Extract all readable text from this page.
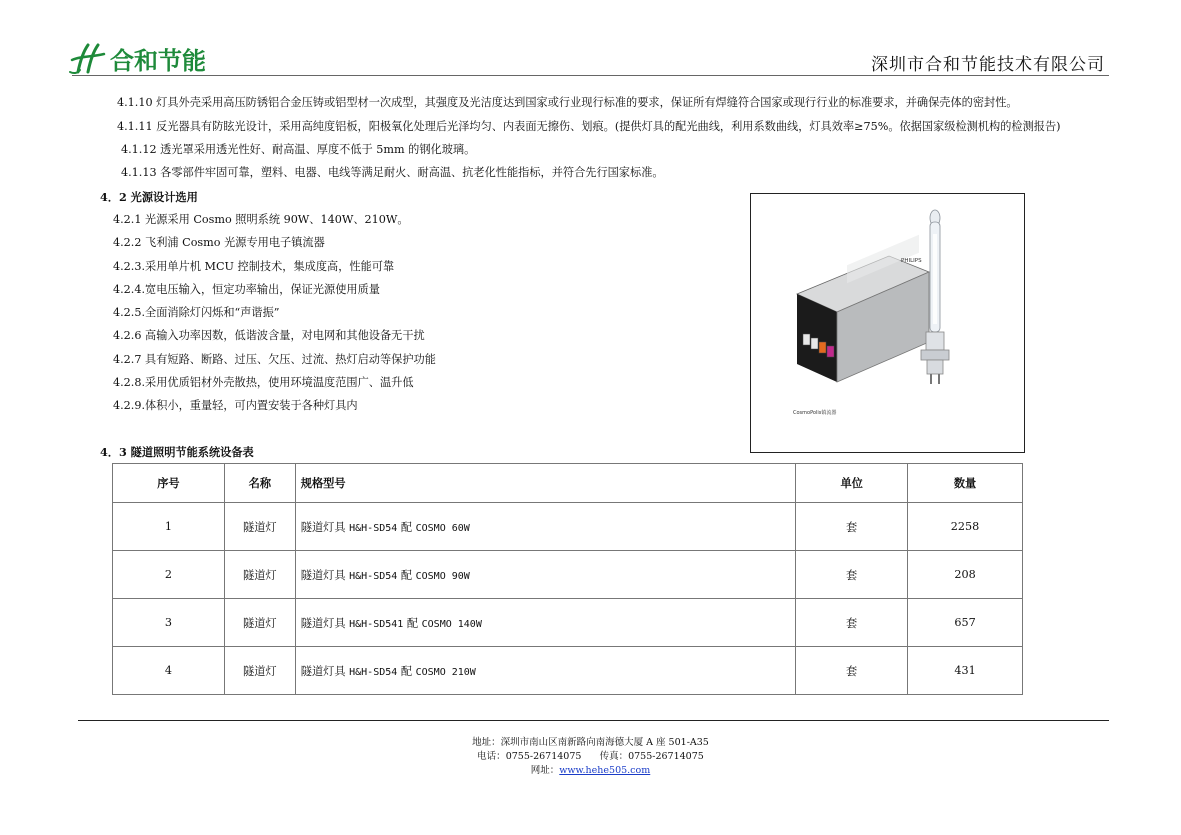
合和节能	深圳市合和节能技术有限公司
4.1.10 灯具外壳采用高压防锈铝合金压铸或铝型材一次成型，其强度及光洁度达到国家或行业现行标准的要求，保证所有焊缝符合国家或现行行业的标准要求，并确保壳体的密封性。
4.1.11 反光器具有防眩光设计，采用高纯度铝板，阳极氧化处理后光泽均匀、内表面无擦伤、划痕。(提供灯具的配光曲线，利用系数曲线，灯具效率≥75%。依据国家级检测机构的检测报告)
4.1.12 透光罩采用透光性好、耐高温、厚度不低于 5mm 的钢化玻璃。
4.1.13 各零部件牢固可靠，塑料、电器、电线等满足耐火、耐高温、抗老化性能指标，并符合先行国家标准。
4．2 光源设计选用
4.2.1 光源采用 Cosmo 照明系统 90W、140W、210W。
4.2.2 飞利浦 Cosmo 光源专用电子镇流器
4.2.3.采用单片机 MCU 控制技术，集成度高，性能可靠
4.2.4.宽电压输入，恒定功率输出，保证光源使用质量
4.2.5.全面消除灯闪烁和“声谐振”
4.2.6 高输入功率因数，低谐波含量，对电网和其他设备无干扰
4.2.7 具有短路、断路、过压、欠压、过流、热灯启动等保护功能
4.2.8.采用优质铝材外壳散热，使用环境温度范围广、温升低
4.2.9.体积小，重量轻，可内置安装于各种灯具内
PHILIPS
CosmoPolis镇流器
4．3 隧道照明节能系统设备表
序号	名称	规格型号	单位	数量
1	隧道灯	隧道灯具 H&H-SD54 配 COSMO 60W	套	2258
2	隧道灯	隧道灯具 H&H-SD54 配 COSMO 90W	套	208
3	隧道灯	隧道灯具 H&H-SD541 配 COSMO 140W	套	657
4	隧道灯	隧道灯具 H&H-SD54 配 COSMO 210W	套	431
地址：深圳市南山区南新路向南海德大厦 A 座 501-A35
电话：0755-26714075 传真：0755-26714075
网址：www.hehe505.com
